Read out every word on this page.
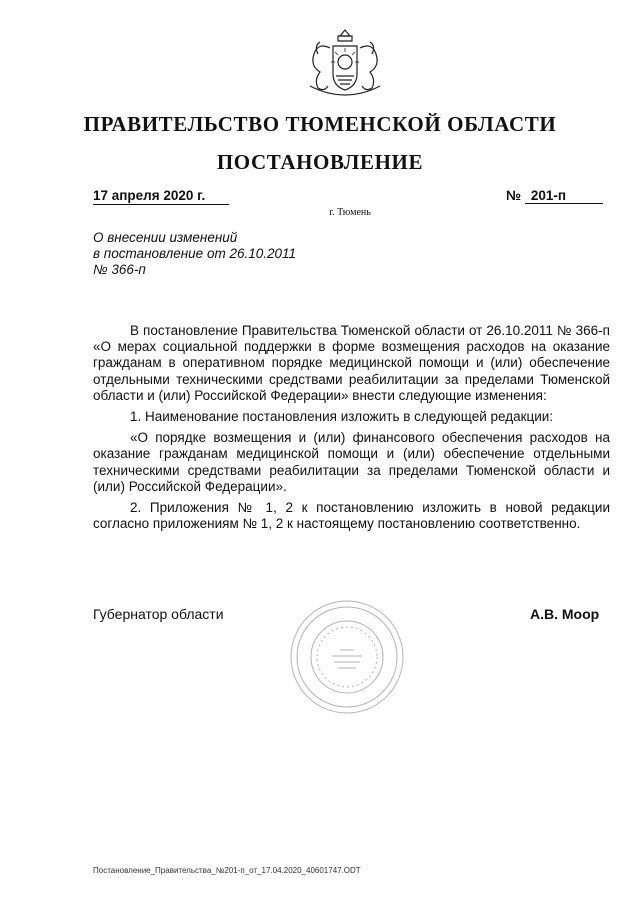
ПРАВИТЕЛЬСТВО ТЮМЕНСКОЙ ОБЛАСТИ
ПОСТАНОВЛЕНИЕ
17 апреля 2020 г.	№ 201-п
г. Тюмень
О внесении изменений
в постановление от 26.10.2011
№ 366-п

В постановление Правительства Тюменской области от 26.10.2011 № 366-п «О мерах социальной поддержки в форме возмещения расходов на оказание гражданам в оперативном порядке медицинской помощи и (или) обеспечение отдельными техническими средствами реабилитации за пределами Тюменской области и (или) Российской Федерации» внести следующие изменения:

1. Наименование постановления изложить в следующей редакции:

«О порядке возмещения и (или) финансового обеспечения расходов на оказание гражданам медицинской помощи и (или) обеспечение отдельными техническими средствами реабилитации за пределами Тюменской области и (или) Российской Федерации».

2. Приложения № 1, 2 к постановлению изложить в новой редакции согласно приложениям № 1, 2 к настоящему постановлению соответственно.

Губернатор области	А.В. Моор
Постановление_Правительства_№201-п_от_17.04.2020_40601747.ODT
